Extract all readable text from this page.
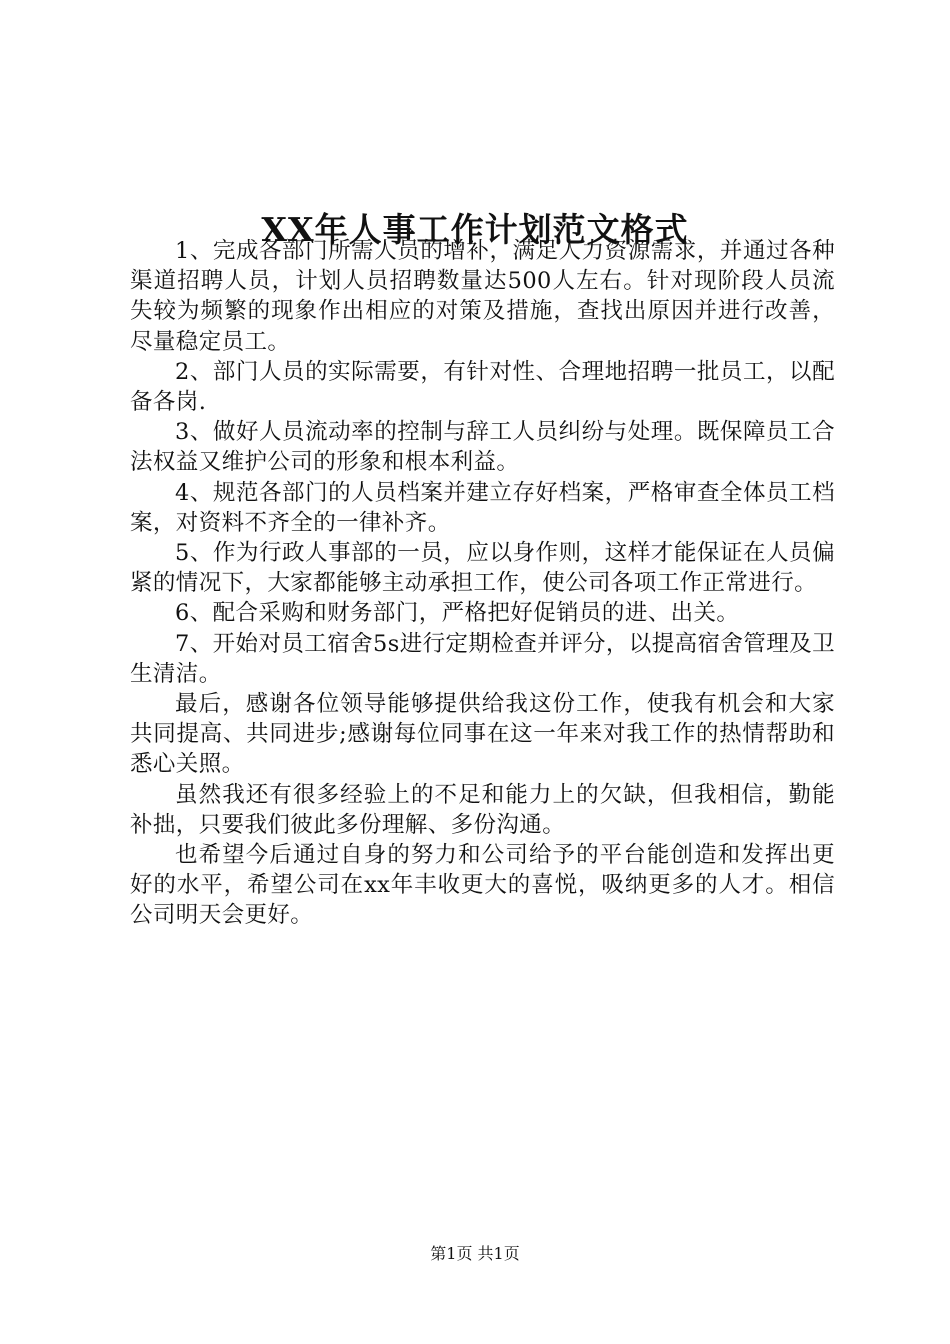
XX年人事工作计划范文格式

1、完成各部门所需人员的增补，满足人力资源需求，并通过各种渠道招聘人员，计划人员招聘数量达500人左右。针对现阶段人员流失较为频繁的现象作出相应的对策及措施，查找出原因并进行改善，尽量稳定员工。

2、部门人员的实际需要，有针对性、合理地招聘一批员工，以配备各岗.

3、做好人员流动率的控制与辞工人员纠纷与处理。既保障员工合法权益又维护公司的形象和根本利益。

4、规范各部门的人员档案并建立存好档案，严格审查全体员工档案，对资料不齐全的一律补齐。

5、作为行政人事部的一员，应以身作则，这样才能保证在人员偏紧的情况下，大家都能够主动承担工作，使公司各项工作正常进行。

6、配合采购和财务部门，严格把好促销员的进、出关。

7、开始对员工宿舍5s进行定期检查并评分，以提高宿舍管理及卫生清洁。

最后，感谢各位领导能够提供给我这份工作，使我有机会和大家共同提高、共同进步;感谢每位同事在这一年来对我工作的热情帮助和悉心关照。

虽然我还有很多经验上的不足和能力上的欠缺，但我相信，勤能补拙，只要我们彼此多份理解、多份沟通。

也希望今后通过自身的努力和公司给予的平台能创造和发挥出更好的水平，希望公司在xx年丰收更大的喜悦，吸纳更多的人才。相信公司明天会更好。

第1页 共1页
